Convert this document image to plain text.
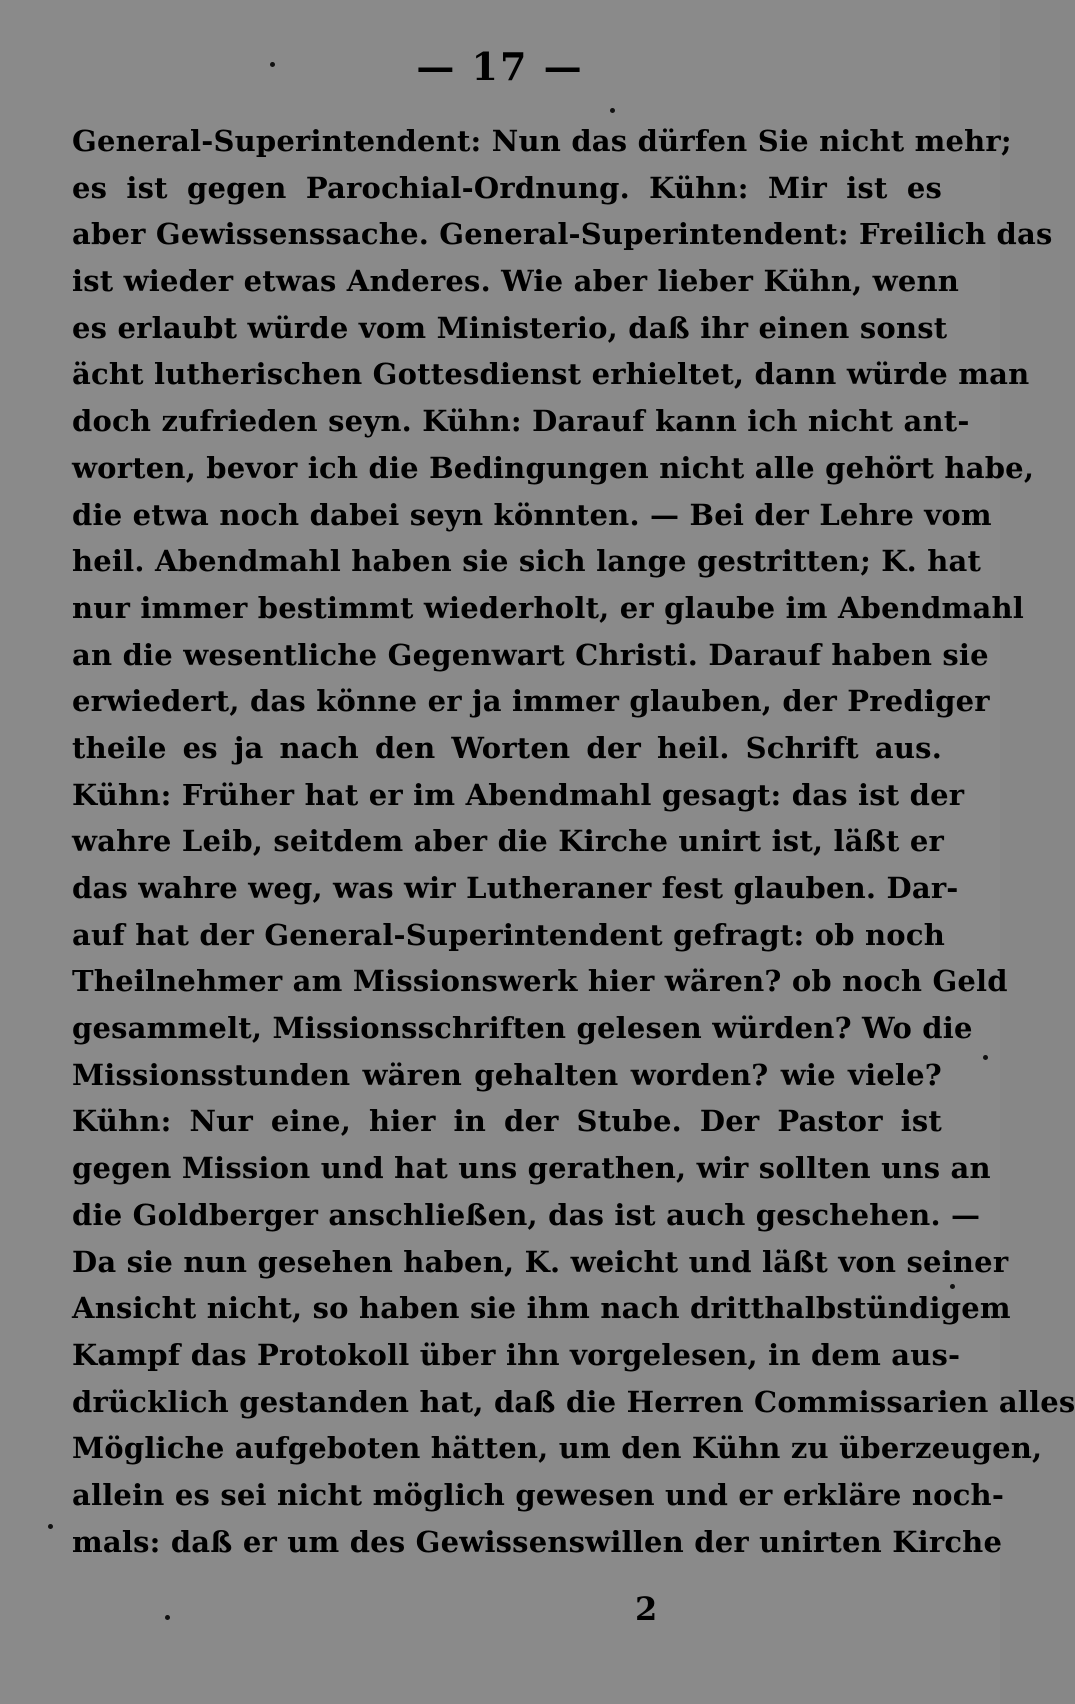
— 17 —
General-Superintendent: Nun das dürfen Sie nicht mehr;
es ist gegen Parochial-Ordnung. Kühn: Mir ist es
aber Gewissenssache. General-Superintendent: Freilich das
ist wieder etwas Anderes. Wie aber lieber Kühn, wenn
es erlaubt würde vom Ministerio, daß ihr einen sonst
ächt lutherischen Gottesdienst erhieltet, dann würde man
doch zufrieden seyn. Kühn: Darauf kann ich nicht ant-
worten, bevor ich die Bedingungen nicht alle gehört habe,
die etwa noch dabei seyn könnten. — Bei der Lehre vom
heil. Abendmahl haben sie sich lange gestritten; K. hat
nur immer bestimmt wiederholt, er glaube im Abendmahl
an die wesentliche Gegenwart Christi. Darauf haben sie
erwiedert, das könne er ja immer glauben, der Prediger
theile es ja nach den Worten der heil. Schrift aus.
Kühn: Früher hat er im Abendmahl gesagt: das ist der
wahre Leib, seitdem aber die Kirche unirt ist, läßt er
das wahre weg, was wir Lutheraner fest glauben. Dar-
auf hat der General-Superintendent gefragt: ob noch
Theilnehmer am Missionswerk hier wären? ob noch Geld
gesammelt, Missionsschriften gelesen würden? Wo die
Missionsstunden wären gehalten worden? wie viele?
Kühn: Nur eine, hier in der Stube. Der Pastor ist
gegen Mission und hat uns gerathen, wir sollten uns an
die Goldberger anschließen, das ist auch geschehen. —
Da sie nun gesehen haben, K. weicht und läßt von seiner
Ansicht nicht, so haben sie ihm nach dritthalbstündigem
Kampf das Protokoll über ihn vorgelesen, in dem aus-
drücklich gestanden hat, daß die Herren Commissarien alles
Mögliche aufgeboten hätten, um den Kühn zu überzeugen,
allein es sei nicht möglich gewesen und er erkläre noch-
mals: daß er um des Gewissenswillen der unirten Kirche
2
